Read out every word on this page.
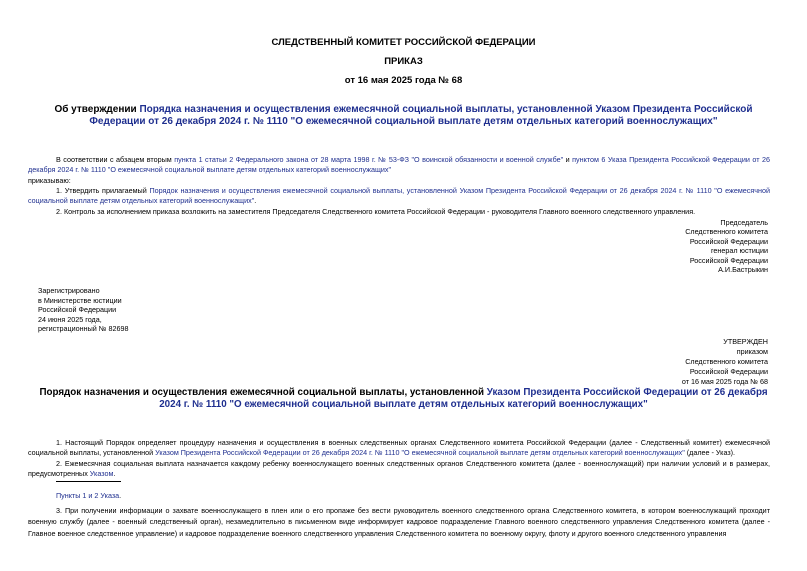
СЛЕДСТВЕННЫЙ КОМИТЕТ РОССИЙСКОЙ ФЕДЕРАЦИИ
ПРИКАЗ
от 16 мая 2025 года № 68
Об утверждении Порядка назначения и осуществления ежемесячной социальной выплаты, установленной Указом Президента Российской Федерации от 26 декабря 2024 г. № 1110 "О ежемесячной социальной выплате детям отдельных категорий военнослужащих"
В соответствии с абзацем вторым пункта 1 статьи 2 Федерального закона от 28 марта 1998 г. № 53-ФЗ "О воинской обязанности и военной службе" и пунктом 6 Указа Президента Российской Федерации от 26 декабря 2024 г. № 1110 "О ежемесячной социальной выплате детям отдельных категорий военнослужащих"
приказываю:
1. Утвердить прилагаемый Порядок назначения и осуществления ежемесячной социальной выплаты, установленной Указом Президента Российской Федерации от 26 декабря 2024 г. № 1110 "О ежемесячной социальной выплате детям отдельных категорий военнослужащих".
2. Контроль за исполнением приказа возложить на заместителя Председателя Следственного комитета Российской Федерации - руководителя Главного военного следственного управления.
Председатель
Следственного комитета
Российской Федерации
генерал юстиции
Российской Федерации
А.И.Бастрыкин
Зарегистрировано
в Министерстве юстиции
Российской Федерации
24 июня 2025 года,
регистрационный № 82698
УТВЕРЖДЕН
приказом
Следственного комитета
Российской Федерации
от 16 мая 2025 года № 68
Порядок назначения и осуществления ежемесячной социальной выплаты, установленной Указом Президента Российской Федерации от 26 декабря 2024 г. № 1110 "О ежемесячной социальной выплате детям отдельных категорий военнослужащих"
1. Настоящий Порядок определяет процедуру назначения и осуществления в военных следственных органах Следственного комитета Российской Федерации (далее - Следственный комитет) ежемесячной социальной выплаты, установленной Указом Президента Российской Федерации от 26 декабря 2024 г. № 1110 "О ежемесячной социальной выплате детям отдельных категорий военнослужащих" (далее - Указ).
2. Ежемесячная социальная выплата назначается каждому ребенку военнослужащего военных следственных органов Следственного комитета (далее - военнослужащий) при наличии условий и в размерах, предусмотренных Указом.
Пункты 1 и 2 Указа.
3. При получении информации о захвате военнослужащего в плен или о его пропаже без вести руководитель военного следственного органа Следственного комитета, в котором военнослужащий проходит военную службу (далее - военный следственный орган), незамедлительно в письменном виде информирует кадровое подразделение Главного военного следственного управления Следственного комитета (далее - Главное военное следственное управление) и кадровое подразделение военного следственного управления Следственного комитета по военному округу, флоту и другого военного следственного управления
